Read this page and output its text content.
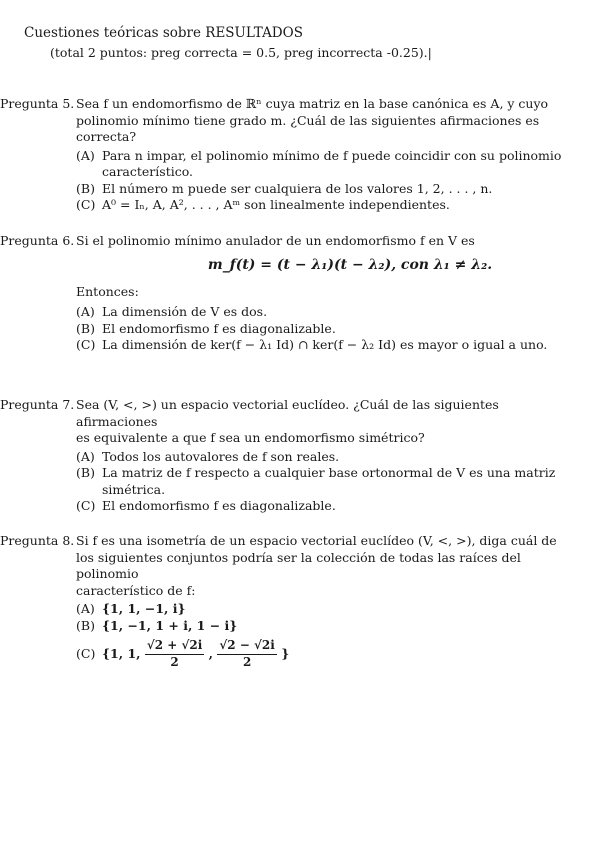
Cuestiones teóricas sobre RESULTADOS
(total 2 puntos: preg correcta = 0.5, preg incorrecta -0.25).|
Pregunta 5. Sea f un endomorfismo de ℝⁿ cuya matriz en la base canónica es A, y cuyo
polinomio mínimo tiene grado m. ¿Cuál de las siguientes afirmaciones es correcta?
(A) Para n impar, el polinomio mínimo de f puede coincidir con su polinomio característico.
(B) El número m puede ser cualquiera de los valores 1, 2, . . . , n.
(C) A⁰ = Iₙ, A, A², . . . , Aᵐ son linealmente independientes.
Pregunta 6. Si el polinomio mínimo anulador de un endomorfismo f en V es
m_f(t) = (t − λ₁)(t − λ₂), con λ₁ ≠ λ₂.
Entonces:
(A) La dimensión de V es dos.
(B) El endomorfismo f es diagonalizable.
(C) La dimensión de ker(f − λ₁ Id) ∩ ker(f − λ₂ Id) es mayor o igual a uno.
Pregunta 7. Sea (V, <, >) un espacio vectorial euclídeo. ¿Cuál de las siguientes afirmaciones
es equivalente a que f sea un endomorfismo simétrico?
(A) Todos los autovalores de f son reales.
(B) La matriz de f respecto a cualquier base ortonormal de V es una matriz simétrica.
(C) El endomorfismo f es diagonalizable.
Pregunta 8. Si f es una isometría de un espacio vectorial euclídeo (V, <, >), diga cuál de
los siguientes conjuntos podría ser la colección de todas las raíces del polinomio
característico de f:
(A) {1, 1, −1, i}
(B) {1, −1, 1 + i, 1 − i}
(C) {1, 1, $\frac{√2 + √2i}{2}$ , $\frac{√2 - √2i}{2}$ }
